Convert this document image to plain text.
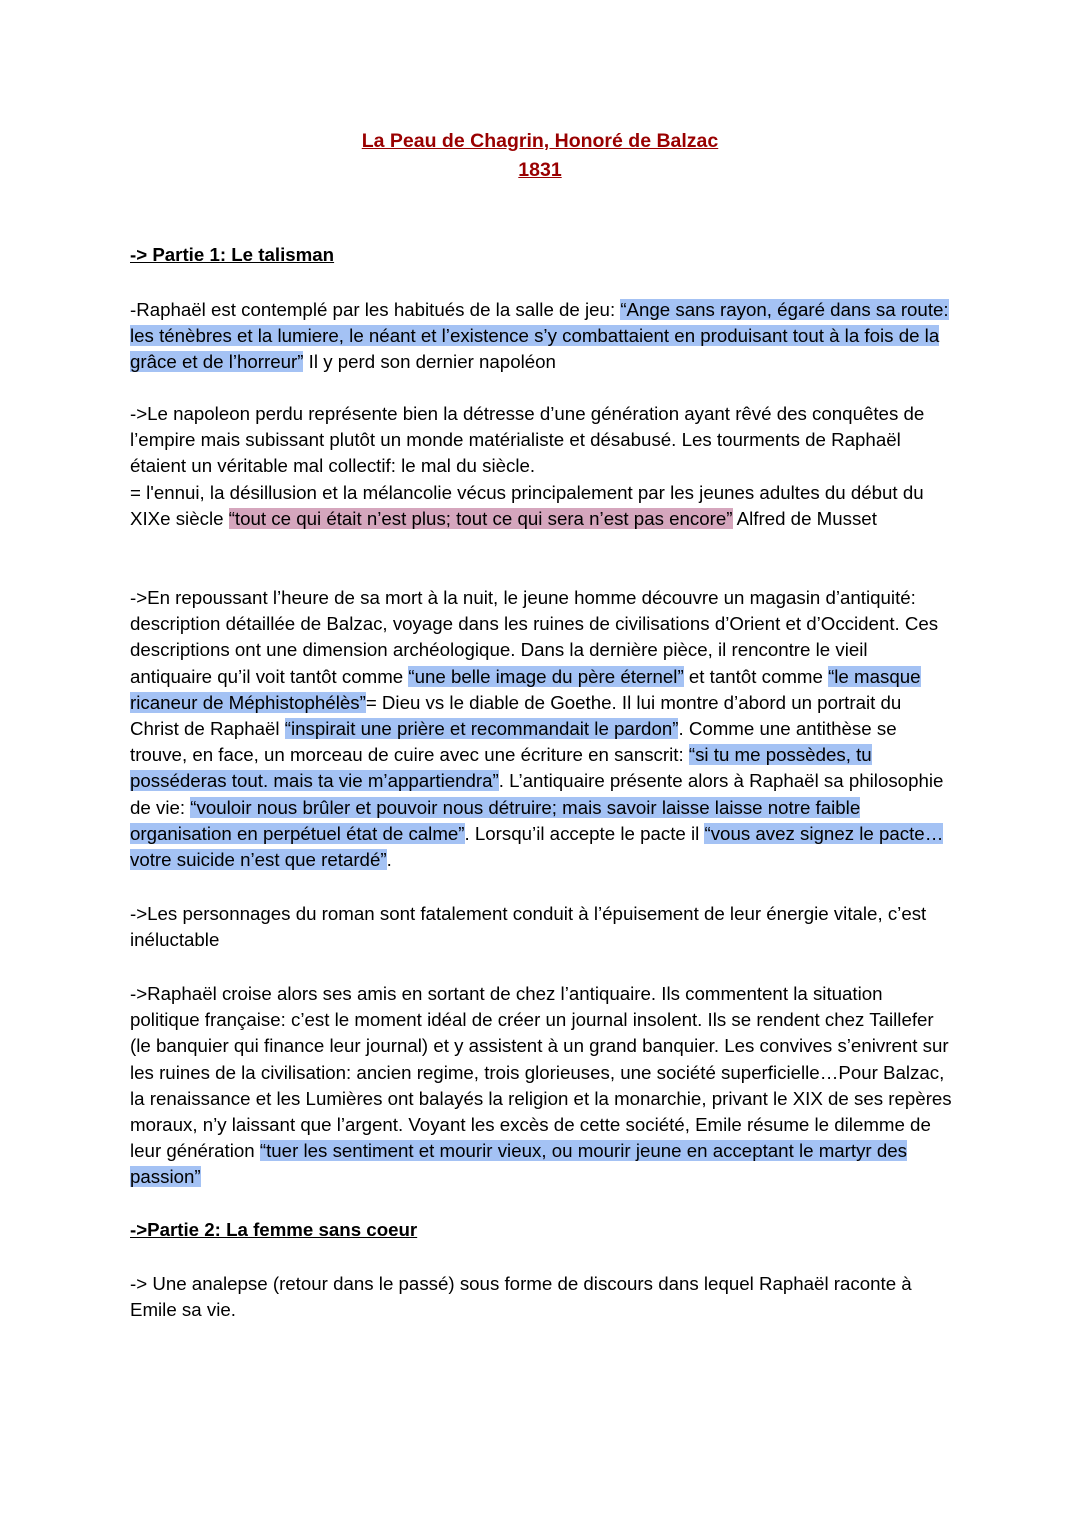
La Peau de Chagrin, Honoré de Balzac
1831
-> Partie 1: Le talisman
-Raphaël est contemplé par les habitués de la salle de jeu: “Ange sans rayon, égaré dans sa route: les ténèbres et la lumiere, le néant et l’existence s’y combattaient en produisant tout à la fois de la grâce et de l’horreur” Il y perd son dernier napoléon
->Le napoleon perdu représente bien la détresse d’une génération ayant rêvé des conquêtes de l’empire mais subissant plutôt un monde matérialiste et désabusé. Les tourments de Raphaël étaient un véritable mal collectif: le mal du siècle.
= l'ennui, la désillusion et la mélancolie vécus principalement par les jeunes adultes du début du XIXe siècle “tout ce qui était n’est plus; tout ce qui sera n’est pas encore” Alfred de Musset
->En repoussant l’heure de sa mort à la nuit, le jeune homme découvre un magasin d’antiquité: description détaillée de Balzac, voyage dans les ruines de civilisations d’Orient et d’Occident. Ces descriptions ont une dimension archéologique. Dans la dernière pièce, il rencontre le vieil antiquaire qu’il voit tantôt comme “une belle image du père éternel” et tantôt comme “le masque ricaneur de Méphistophélès”= Dieu vs le diable de Goethe. Il lui montre d’abord un portrait du Christ de Raphaël “inspirait une prière et recommandait le pardon”. Comme une antithèse se trouve, en face, un morceau de cuire avec une écriture en sanscrit: “si tu me possèdes, tu posséderas tout. mais ta vie m’appartiendra”. L’antiquaire présente alors à Raphaël sa philosophie de vie: “vouloir nous brûler et pouvoir nous détruire; mais savoir laisse laisse notre faible organisation en perpétuel état de calme”. Lorsqu’il accepte le pacte il “vous avez signez le pacte…votre suicide n’est que retardé”.
->Les personnages du roman sont fatalement conduit à l’épuisement de leur énergie vitale, c’est inéluctable
->Raphaël croise alors ses amis en sortant de chez l’antiquaire. Ils commentent la situation politique française: c’est le moment idéal de créer un journal insolent. Ils se rendent chez Taillefer (le banquier qui finance leur journal) et y assistent à un grand banquier. Les convives s’enivrent sur les ruines de la civilisation: ancien regime, trois glorieuses, une société superficielle…Pour Balzac, la renaissance et les Lumières ont balayés la religion et la monarchie, privant le XIX de ses repères moraux, n’y laissant que l’argent. Voyant les excès de cette société, Emile résume le dilemme de leur génération “tuer les sentiment et mourir vieux, ou mourir jeune en acceptant le martyr des passion”
->Partie 2: La femme sans coeur
-> Une analepse (retour dans le passé) sous forme de discours dans lequel Raphaël raconte à Emile sa vie.
